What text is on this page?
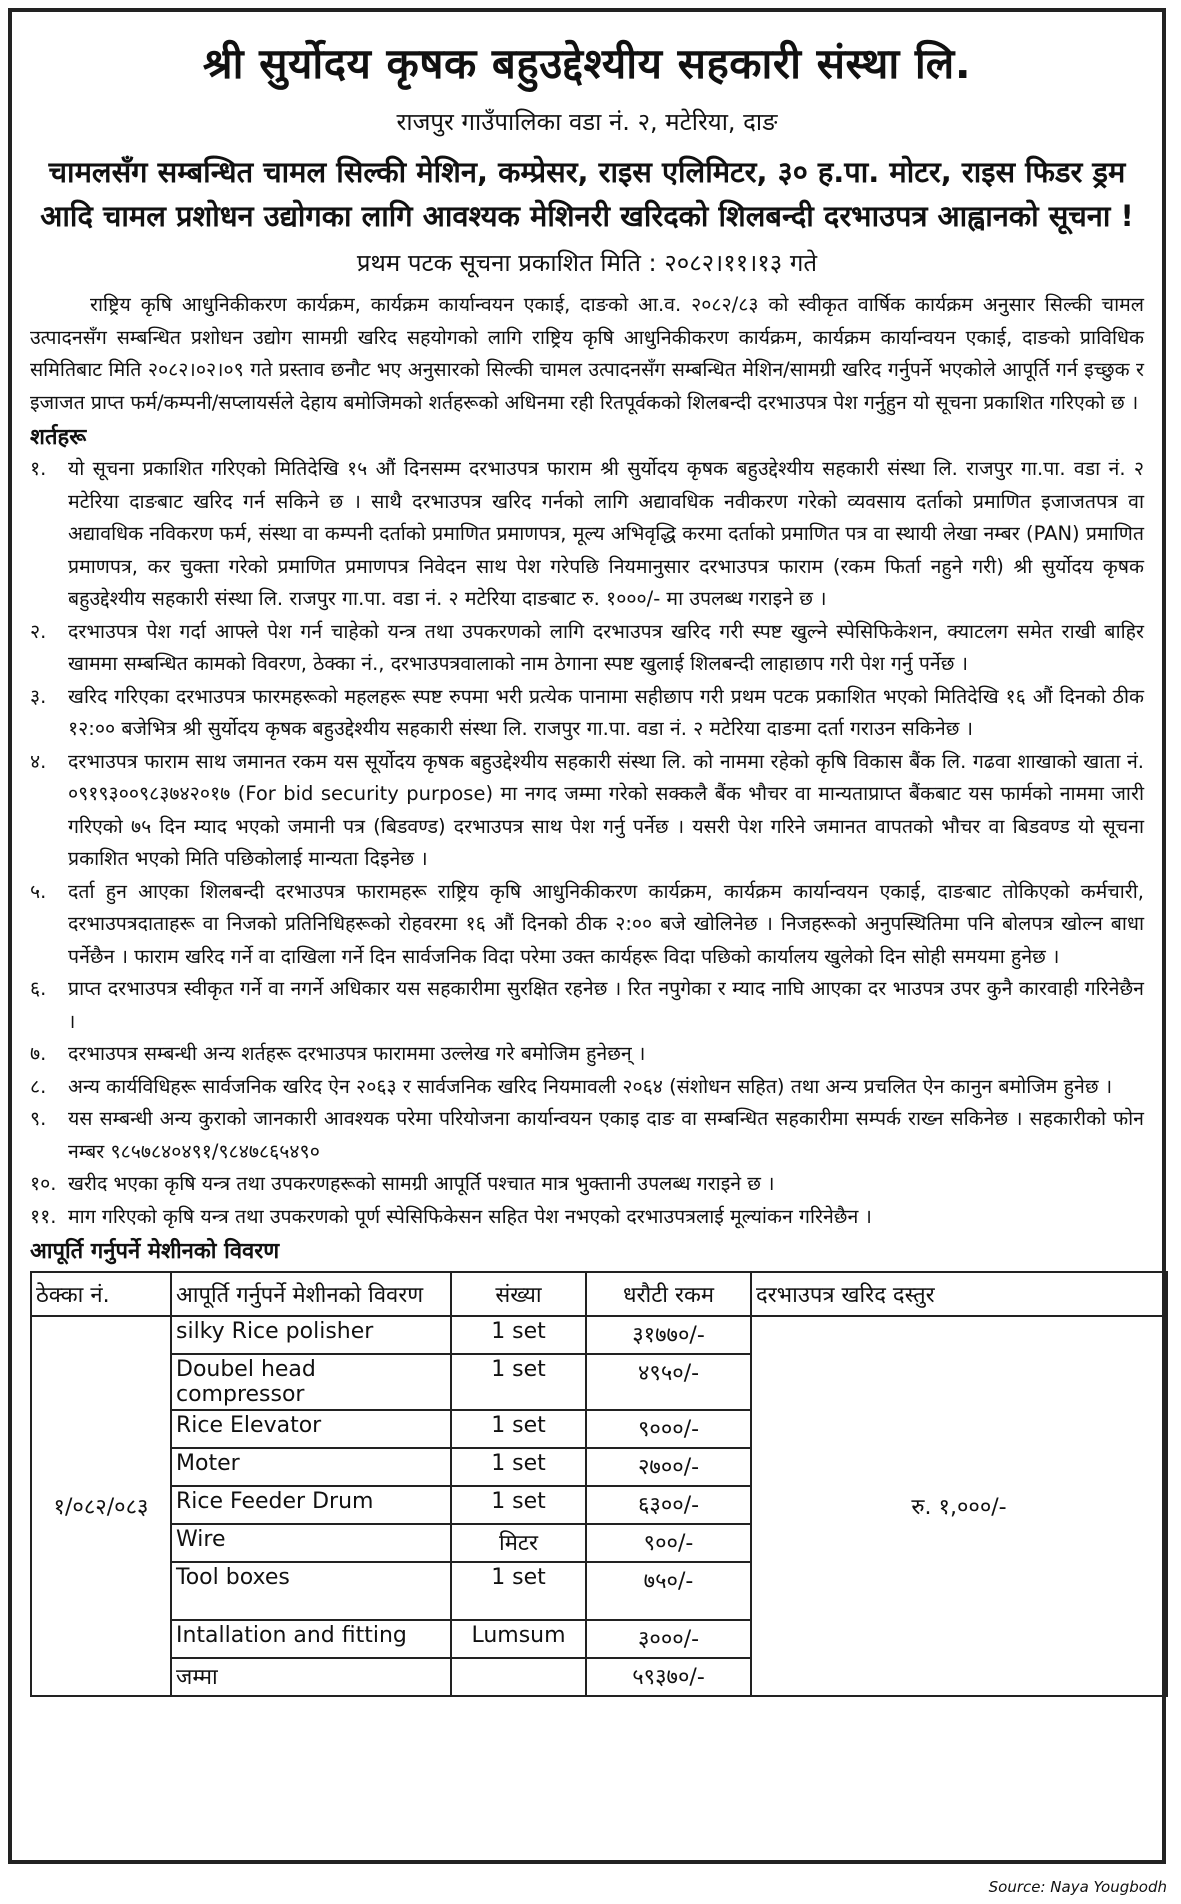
श्री सुर्योदय कृषक बहुउद्देश्यीय सहकारी संस्था लि.
राजपुर गाउँपालिका वडा नं. २, मटेरिया, दाङ
चामलसँग सम्बन्धित चामल सिल्की मेशिन, कम्प्रेसर, राइस एलिमिटर, ३० ह.पा. मोटर, राइस फिडर ड्रम
आदि चामल प्रशोधन उद्योगका लागि आवश्यक मेशिनरी खरिदको शिलबन्दी दरभाउपत्र आह्वानको सूचना !
प्रथम पटक सूचना प्रकाशित मिति : २०८२।११।१३ गते

राष्ट्रिय कृषि आधुनिकीकरण कार्यक्रम, कार्यक्रम कार्यान्वयन एकाई, दाङको आ.व. २०८२/८३ को स्वीकृत वार्षिक कार्यक्रम अनुसार सिल्की चामल उत्पादनसँग सम्बन्धित प्रशोधन उद्योग सामग्री खरिद सहयोगको लागि राष्ट्रिय कृषि आधुनिकीकरण कार्यक्रम, कार्यक्रम कार्यान्वयन एकाई, दाङको प्राविधिक समितिबाट मिति २०८२।०२।०९ गते प्रस्ताव छनौट भए अनुसारको सिल्की चामल उत्पादनसँग सम्बन्धित मेशिन/सामग्री खरिद गर्नुपर्ने भएकोले आपूर्ति गर्न इच्छुक र इजाजत प्राप्त फर्म/कम्पनी/सप्लायर्सले देहाय बमोजिमको शर्तहरूको अधिनमा रही रितपूर्वकको शिलबन्दी दरभाउपत्र पेश गर्नुहुन यो सूचना प्रकाशित गरिएको छ ।

शर्तहरू
१.	यो सूचना प्रकाशित गरिएको मितिदेखि १५ औं दिनसम्म दरभाउपत्र फाराम श्री सुर्योदय कृषक बहुउद्देश्यीय सहकारी संस्था लि. राजपुर गा.पा. वडा नं. २ मटेरिया दाङबाट खरिद गर्न सकिने छ । साथै दरभाउपत्र खरिद गर्नको लागि अद्यावधिक नवीकरण गरेको व्यवसाय दर्ताको प्रमाणित इजाजतपत्र वा अद्यावधिक नविकरण फर्म, संस्था वा कम्पनी दर्ताको प्रमाणित प्रमाणपत्र, मूल्य अभिवृद्धि करमा दर्ताको प्रमाणित पत्र वा स्थायी लेखा नम्बर (PAN) प्रमाणित प्रमाणपत्र, कर चुक्ता गरेको प्रमाणित प्रमाणपत्र निवेदन साथ पेश गरेपछि नियमानुसार दरभाउपत्र फाराम (रकम फिर्ता नहुने गरी) श्री सुर्योदय कृषक बहुउद्देश्यीय सहकारी संस्था लि. राजपुर गा.पा. वडा नं. २ मटेरिया दाङबाट रु. १०००/- मा उपलब्ध गराइने छ ।
२.	दरभाउपत्र पेश गर्दा आफ्ले पेश गर्न चाहेको यन्त्र तथा उपकरणको लागि दरभाउपत्र खरिद गरी स्पष्ट खुल्ने स्पेसिफिकेशन, क्याटलग समेत राखी बाहिर खाममा सम्बन्धित कामको विवरण, ठेक्का नं., दरभाउपत्रवालाको नाम ठेगाना स्पष्ट खुलाई शिलबन्दी लाहाछाप गरी पेश गर्नु पर्नेछ ।
३.	खरिद गरिएका दरभाउपत्र फारमहरूको महलहरू स्पष्ट रुपमा भरी प्रत्येक पानामा सहीछाप गरी प्रथम पटक प्रकाशित भएको मितिदेखि १६ औं दिनको ठीक १२:०० बजेभित्र श्री सुर्योदय कृषक बहुउद्देश्यीय सहकारी संस्था लि. राजपुर गा.पा. वडा नं. २ मटेरिया दाङमा दर्ता गराउन सकिनेछ ।
४.	दरभाउपत्र फाराम साथ जमानत रकम यस सूर्योदय कृषक बहुउद्देश्यीय सहकारी संस्था लि. को नाममा रहेको कृषि विकास बैंक लि. गढवा शाखाको खाता नं. ०९१९३००९८३७४२०१७ (For bid security purpose) मा नगद जम्मा गरेको सक्कलै बैंक भौचर वा मान्यताप्राप्त बैंकबाट यस फार्मको नाममा जारी गरिएको ७५ दिन म्याद भएको जमानी पत्र (बिडवण्ड) दरभाउपत्र साथ पेश गर्नु पर्नेछ । यसरी पेश गरिने जमानत वापतको भौचर वा बिडवण्ड यो सूचना प्रकाशित भएको मिति पछिकोलाई मान्यता दिइनेछ ।
५.	दर्ता हुन आएका शिलबन्दी दरभाउपत्र फारामहरू राष्ट्रिय कृषि आधुनिकीकरण कार्यक्रम, कार्यक्रम कार्यान्वयन एकाई, दाङबाट तोकिएको कर्मचारी, दरभाउपत्रदाताहरू वा निजको प्रतिनिधिहरूको रोहवरमा १६ औं दिनको ठीक २:०० बजे खोलिनेछ । निजहरूको अनुपस्थितिमा पनि बोलपत्र खोल्न बाधा पर्नेछैन । फाराम खरिद गर्ने वा दाखिला गर्ने दिन सार्वजनिक विदा परेमा उक्त कार्यहरू विदा पछिको कार्यालय खुलेको दिन सोही समयमा हुनेछ ।
६.	प्राप्त दरभाउपत्र स्वीकृत गर्ने वा नगर्ने अधिकार यस सहकारीमा सुरक्षित रहनेछ । रित नपुगेका र म्याद नाघि आएका दर भाउपत्र उपर कुनै कारवाही गरिनेछैन ।
७.	दरभाउपत्र सम्बन्धी अन्य शर्तहरू दरभाउपत्र फाराममा उल्लेख गरे बमोजिम हुनेछन् ।
८.	अन्य कार्यविधिहरू सार्वजनिक खरिद ऐन २०६३ र सार्वजनिक खरिद नियमावली २०६४ (संशोधन सहित) तथा अन्य प्रचलित ऐन कानुन बमोजिम हुनेछ ।
९.	यस सम्बन्धी अन्य कुराको जानकारी आवश्यक परेमा परियोजना कार्यान्वयन एकाइ दाङ वा सम्बन्धित सहकारीमा सम्पर्क राख्न सकिनेछ । सहकारीको फोन नम्बर ९८५७८४०४९१/९८४७८६५४९०
१०. खरीद भएका कृषि यन्त्र तथा उपकरणहरूको सामग्री आपूर्ति पश्चात मात्र भुक्तानी उपलब्ध गराइने छ ।
११. माग गरिएको कृषि यन्त्र तथा उपकरणको पूर्ण स्पेसिफिकेसन सहित पेश नभएको दरभाउपत्रलाई मूल्यांकन गरिनेछैन ।
आपूर्ति गर्नुपर्ने मेशीनको विवरण
ठेक्का नं.	आपूर्ति गर्नुपर्ने मेशीनको विवरण	संख्या	धरौटी रकम	दरभाउपत्र खरिद दस्तुर
१/०८२/०८३	silky Rice polisher	1 set	३१७७०/-	रु. १,०००/-
	Doubel head compressor	1 set	४९५०/-	
	Rice Elevator	1 set	९०००/-	
	Moter	1 set	२७००/-	
	Rice Feeder Drum	1 set	६३००/-	
	Wire	मिटर	९००/-	
	Tool boxes	1 set	७५०/-	
	Intallation and fitting	Lumsum	३०००/-	
	जम्मा		५९३७०/-	
Source: Naya Yougbodh
